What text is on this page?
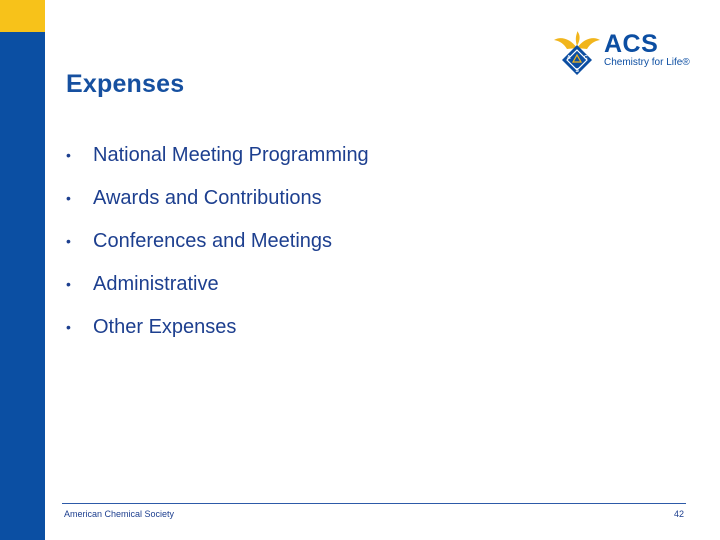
Expenses
A	C
S
ACS
Chemistry for Life®
•	National Meeting Programming
•	Awards and Contributions
•	Conferences and Meetings
•	Administrative
•	Other Expenses
American Chemical Society	42
